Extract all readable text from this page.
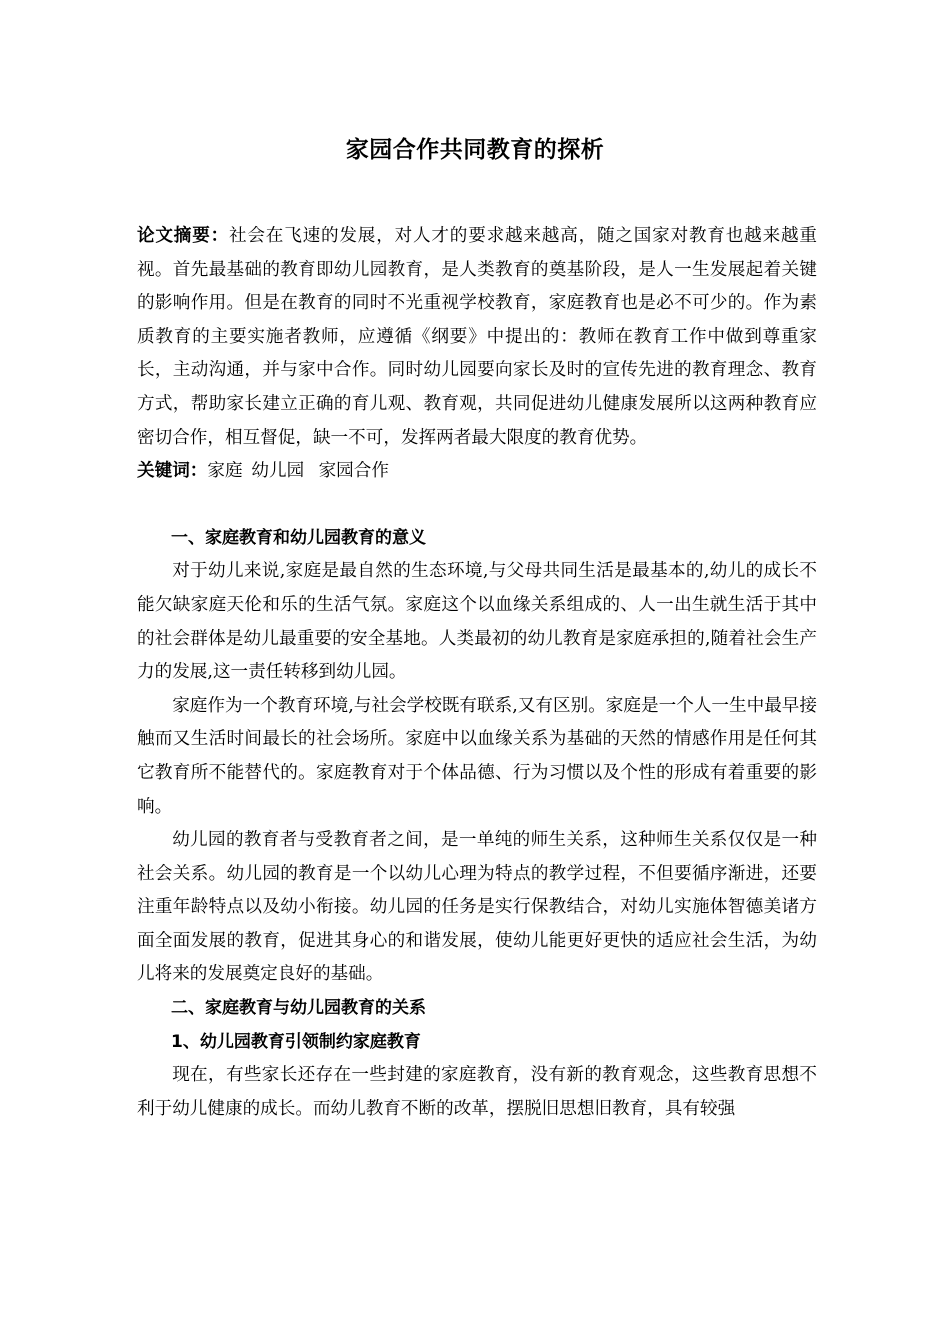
家园合作共同教育的探析

论文摘要：社会在飞速的发展，对人才的要求越来越高，随之国家对教育也越来越重视。首先最基础的教育即幼儿园教育，是人类教育的奠基阶段，是人一生发展起着关键的影响作用。但是在教育的同时不光重视学校教育，家庭教育也是必不可少的。作为素质教育的主要实施者教师，应遵循《纲要》中提出的：教师在教育工作中做到尊重家长，主动沟通，并与家中合作。同时幼儿园要向家长及时的宣传先进的教育理念、教育方式，帮助家长建立正确的育儿观、教育观，共同促进幼儿健康发展所以这两种教育应密切合作，相互督促，缺一不可，发挥两者最大限度的教育优势。

关键词：家庭 幼儿园 家园合作

一、家庭教育和幼儿园教育的意义

对于幼儿来说,家庭是最自然的生态环境,与父母共同生活是最基本的,幼儿的成长不能欠缺家庭天伦和乐的生活气氛。家庭这个以血缘关系组成的、人一出生就生活于其中的社会群体是幼儿最重要的安全基地。人类最初的幼儿教育是家庭承担的,随着社会生产力的发展,这一责任转移到幼儿园。

家庭作为一个教育环境,与社会学校既有联系,又有区别。家庭是一个人一生中最早接触而又生活时间最长的社会场所。家庭中以血缘关系为基础的天然的情感作用是任何其它教育所不能替代的。家庭教育对于个体品德、行为习惯以及个性的形成有着重要的影响。

幼儿园的教育者与受教育者之间，是一单纯的师生关系，这种师生关系仅仅是一种社会关系。幼儿园的教育是一个以幼儿心理为特点的教学过程，不但要循序渐进，还要注重年龄特点以及幼小衔接。幼儿园的任务是实行保教结合，对幼儿实施体智德美诸方面全面发展的教育，促进其身心的和谐发展，使幼儿能更好更快的适应社会生活，为幼儿将来的发展奠定良好的基础。

二、家庭教育与幼儿园教育的关系

1、幼儿园教育引领制约家庭教育

现在，有些家长还存在一些封建的家庭教育，没有新的教育观念，这些教育思想不利于幼儿健康的成长。而幼儿教育不断的改革，摆脱旧思想旧教育，具有较强
